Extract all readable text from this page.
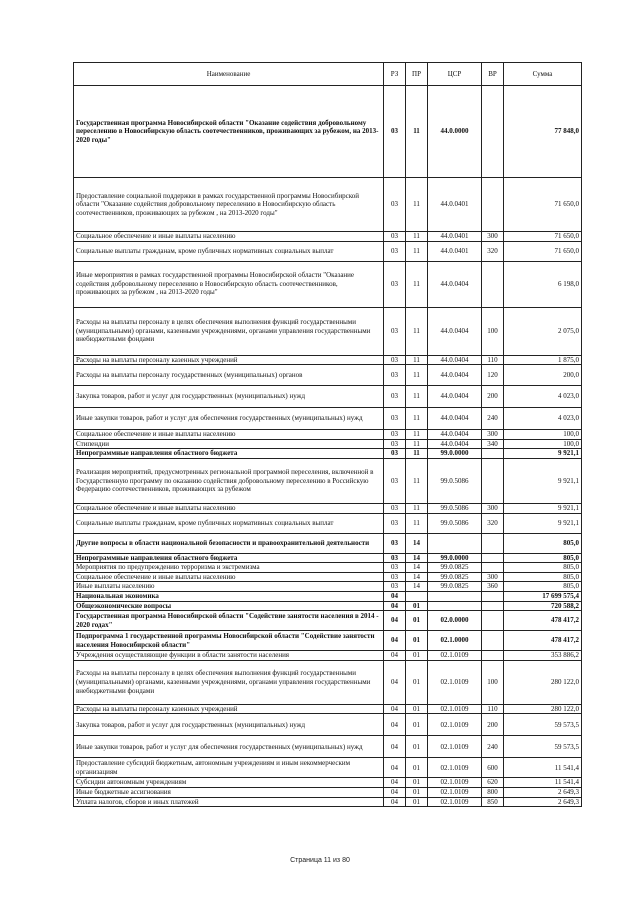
Наименование	РЗ	ПР	ЦСР	ВР	Сумма
Государственная программа Новосибирской области "Оказание содействия добровольному переселению в Новосибирскую область соотечественников, проживающих за рубежом, на 2013-2020 годы"	03	11	44.0.0000		77 848,0
Предоставление социальной поддержки в рамках государственной программы Новосибирской области "Оказание содействия добровольному переселению в Новосибирскую область соотечественников, проживающих за рубежом , на 2013-2020 годы"	03	11	44.0.0401		71 650,0
Социальное обеспечение и иные выплаты населению	03	11	44.0.0401	300	71 650,0
Социальные выплаты гражданам, кроме публичных нормативных социальных выплат	03	11	44.0.0401	320	71 650,0
Иные мероприятия в рамках государственной программы Новосибирской области "Оказание содействия добровольному переселению в Новосибирскую область соотечественников, проживающих за рубежом , на 2013-2020 годы"	03	11	44.0.0404		6 198,0
Расходы на выплаты персоналу в целях обеспечения выполнения функций государственными (муниципальными) органами, казенными учреждениями, органами управления государственными внебюджетными фондами	03	11	44.0.0404	100	2 075,0
Расходы на выплаты персоналу казенных учреждений	03	11	44.0.0404	110	1 875,0
Расходы на выплаты персоналу государственных (муниципальных) органов	03	11	44.0.0404	120	200,0
Закупка товаров, работ и услуг для государственных (муниципальных) нужд	03	11	44.0.0404	200	4 023,0
Иные закупки товаров, работ и услуг для обеспечения государственных (муниципальных) нужд	03	11	44.0.0404	240	4 023,0
Социальное обеспечение и иные выплаты населению	03	11	44.0.0404	300	100,0
Стипендии	03	11	44.0.0404	340	100,0
Непрограммные направления областного бюджета	03	11	99.0.0000		9 921,1
Реализация мероприятий, предусмотренных региональной программой переселения, включенной в Государственную программу по оказанию содействия добровольному переселению в Российскую Федерацию соотечественников, проживающих за рубежом	03	11	99.0.5086		9 921,1
Социальное обеспечение и иные выплаты населению	03	11	99.0.5086	300	9 921,1
Социальные выплаты гражданам, кроме публичных нормативных социальных выплат	03	11	99.0.5086	320	9 921,1
Другие вопросы в области национальной безопасности и правоохранительной деятельности	03	14			805,0
Непрограммные направления областного бюджета	03	14	99.0.0000		805,0
Мероприятия по предупреждению терроризма и экстремизма	03	14	99.0.0825		805,0
Социальное обеспечение и иные выплаты населению	03	14	99.0.0825	300	805,0
Иные выплаты населению	03	14	99.0.0825	360	805,0
Национальная экономика	04				17 699 575,4
Общеэкономические вопросы	04	01			720 588,2
Государственная программа Новосибирской области "Содействие занятости населения в 2014 - 2020 годах"	04	01	02.0.0000		478 417,2
Подпрограмма 1 государственной программы Новосибирской области "Содействие занятости населения Новосибирской области"	04	01	02.1.0000		478 417,2
Учреждения осуществляющие функции в области занятости населения	04	01	02.1.0109		353 886,2
Расходы на выплаты персоналу в целях обеспечения выполнения функций государственными (муниципальными) органами, казенными учреждениями, органами управления государственными внебюджетными фондами	04	01	02.1.0109	100	280 122,0
Расходы на выплаты персоналу казенных учреждений	04	01	02.1.0109	110	280 122,0
Закупка товаров, работ и услуг для государственных (муниципальных) нужд	04	01	02.1.0109	200	59 573,5
Иные закупки товаров, работ и услуг для обеспечения государственных (муниципальных) нужд	04	01	02.1.0109	240	59 573,5
Предоставление субсидий бюджетным, автономным учреждениям и иным некоммерческим организациям	04	01	02.1.0109	600	11 541,4
Субсидии автономным учреждениям	04	01	02.1.0109	620	11 541,4
Иные бюджетные ассигнования	04	01	02.1.0109	800	2 649,3
Уплата налогов, сборов и иных платежей	04	01	02.1.0109	850	2 649,3
Страница 11 из 80
